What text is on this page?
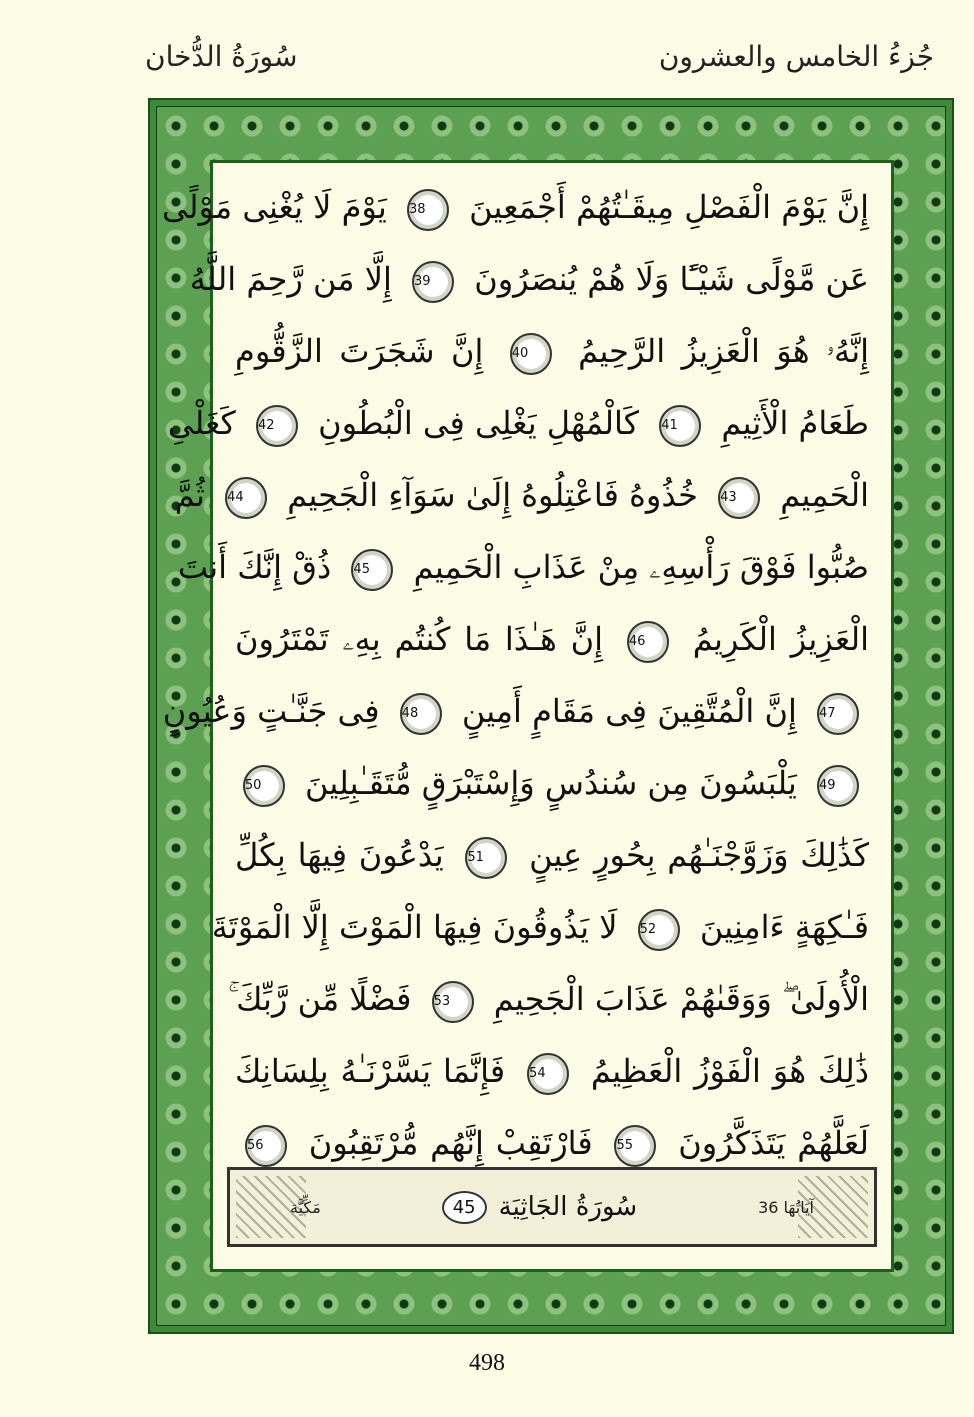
جُزءُ الخامس والعشرون
سُورَةُ الدُّخان
إِنَّ يَوْمَ الْفَصْلِ مِيقَـٰتُهُمْ أَجْمَعِينَ 38 يَوْمَ لَا يُغْنِى مَوْلًى
عَن مَّوْلًى شَيْـًٔا وَلَا هُمْ يُنصَرُونَ 39 إِلَّا مَن رَّحِمَ اللَّهُ
إِنَّهُۥ هُوَ الْعَزِيزُ الرَّحِيمُ 40 إِنَّ شَجَرَتَ الزَّقُّومِ
طَعَامُ الْأَثِيمِ 41 كَالْمُهْلِ يَغْلِى فِى الْبُطُونِ 42 كَغَلْىِ
الْحَمِيمِ 43 خُذُوهُ فَاعْتِلُوهُ إِلَىٰ سَوَآءِ الْجَحِيمِ 44 ثُمَّ
صُبُّوا فَوْقَ رَأْسِهِۦ مِنْ عَذَابِ الْحَمِيمِ 45 ذُقْ إِنَّكَ أَنتَ
الْعَزِيزُ الْكَرِيمُ 46 إِنَّ هَـٰذَا مَا كُنتُم بِهِۦ تَمْتَرُونَ
47 إِنَّ الْمُتَّقِينَ فِى مَقَامٍ أَمِينٍ 48 فِى جَنَّـٰتٍ وَعُيُونٍ
49 يَلْبَسُونَ مِن سُندُسٍ وَإِسْتَبْرَقٍ مُّتَقَـٰبِلِينَ 50
كَذَٰلِكَ وَزَوَّجْنَـٰهُم بِحُورٍ عِينٍ 51 يَدْعُونَ فِيهَا بِكُلِّ
فَـٰكِهَةٍ ءَامِنِينَ 52 لَا يَذُوقُونَ فِيهَا الْمَوْتَ إِلَّا الْمَوْتَةَ
الْأُولَىٰ ۖ وَوَقَىٰهُمْ عَذَابَ الْجَحِيمِ 53 فَضْلًا مِّن رَّبِّكَ ۚ
ذَٰلِكَ هُوَ الْفَوْزُ الْعَظِيمُ 54 فَإِنَّمَا يَسَّرْنَـٰهُ بِلِسَانِكَ
لَعَلَّهُمْ يَتَذَكَّرُونَ 55 فَارْتَقِبْ إِنَّهُم مُّرْتَقِبُونَ 56
مَكِّيَّة	45 سُورَةُ الجَاثِيَة	آيَاتُهَا 36
498
